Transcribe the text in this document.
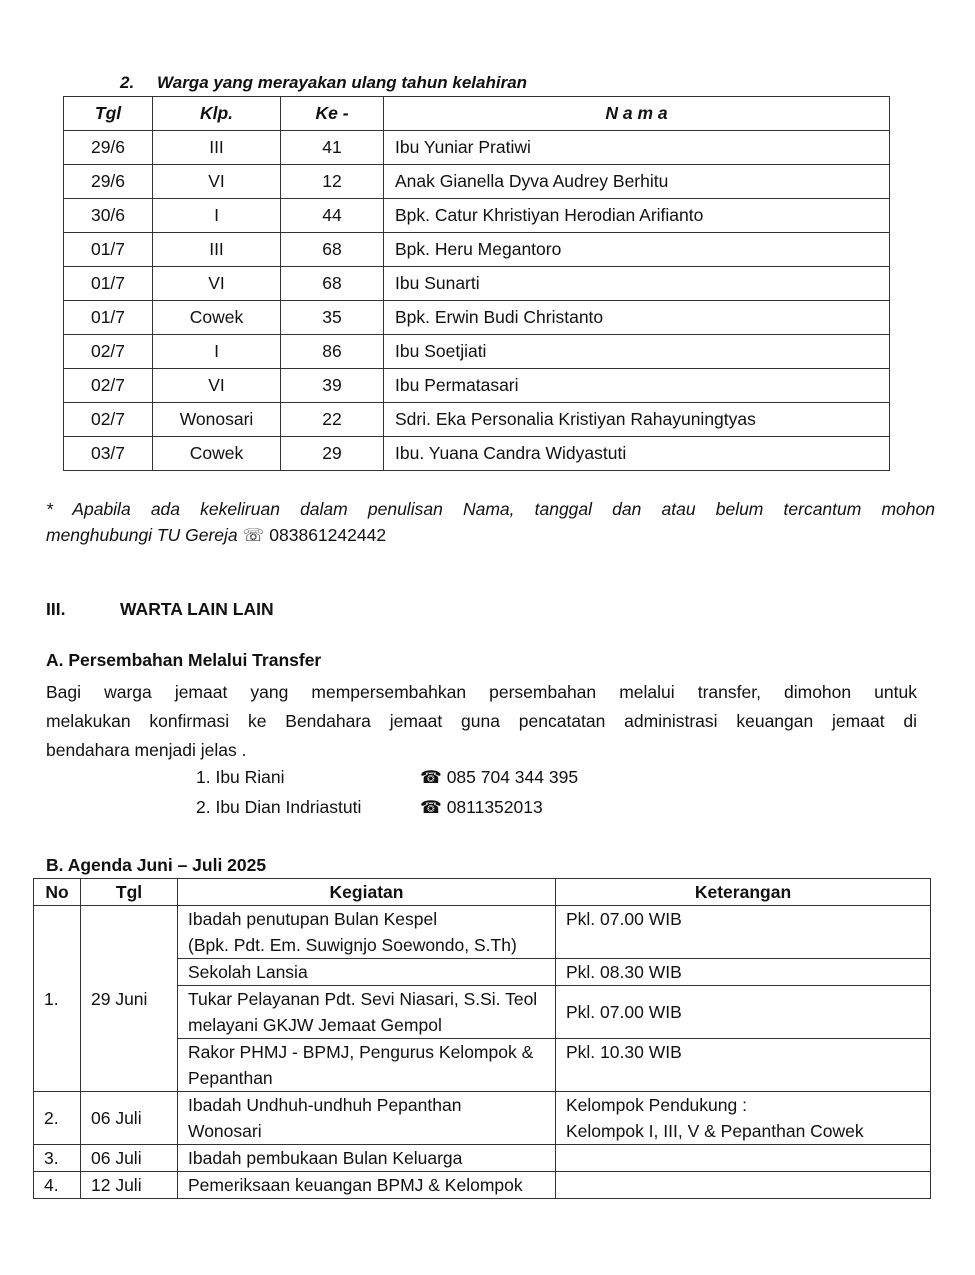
2. Warga yang merayakan ulang tahun kelahiran
Tgl	Klp.	Ke -	N a m a
29/6	III	41	Ibu Yuniar Pratiwi
29/6	VI	12	Anak Gianella Dyva Audrey Berhitu
30/6	I	44	Bpk. Catur Khristiyan Herodian Arifianto
01/7	III	68	Bpk. Heru Megantoro
01/7	VI	68	Ibu Sunarti
01/7	Cowek	35	Bpk. Erwin Budi Christanto
02/7	I	86	Ibu Soetjiati
02/7	VI	39	Ibu Permatasari
02/7	Wonosari	22	Sdri. Eka Personalia Kristiyan Rahayuningtyas
03/7	Cowek	29	Ibu. Yuana Candra Widyastuti
* Apabila ada kekeliruan dalam penulisan Nama, tanggal dan atau belum tercantum mohon
menghubungi TU Gereja ☏ 083861242442
III.	WARTA LAIN LAIN
A. Persembahan Melalui Transfer
Bagi warga jemaat yang mempersembahkan persembahan melalui transfer, dimohon untuk
melakukan konfirmasi ke Bendahara jemaat guna pencatatan administrasi keuangan jemaat di
bendahara menjadi jelas .
1. Ibu Riani	☎ 085 704 344 395
2. Ibu Dian Indriastuti	☎ 0811352013
B. Agenda Juni – Juli 2025
No	Tgl	Kegiatan	Keterangan
1.	29 Juni	Ibadah penutupan Bulan Kespel
(Bpk. Pdt. Em. Suwignjo Soewondo, S.Th)	Pkl. 07.00 WIB

		Sekolah Lansia	Pkl. 08.30 WIB

		Tukar Pelayanan Pdt. Sevi Niasari, S.Si. Teol
melayani GKJW Jemaat Gempol	Pkl. 07.00 WIB

		Rakor PHMJ - BPMJ, Pengurus Kelompok &
Pepanthan	Pkl. 10.30 WIB
2.	06 Juli	Ibadah Undhuh-undhuh Pepanthan
Wonosari	Kelompok Pendukung :
Kelompok I, III, V & Pepanthan Cowek

3.	06 Juli	Ibadah pembukaan Bulan Keluarga	

4.	12 Juli	Pemeriksaan keuangan BPMJ & Kelompok	
